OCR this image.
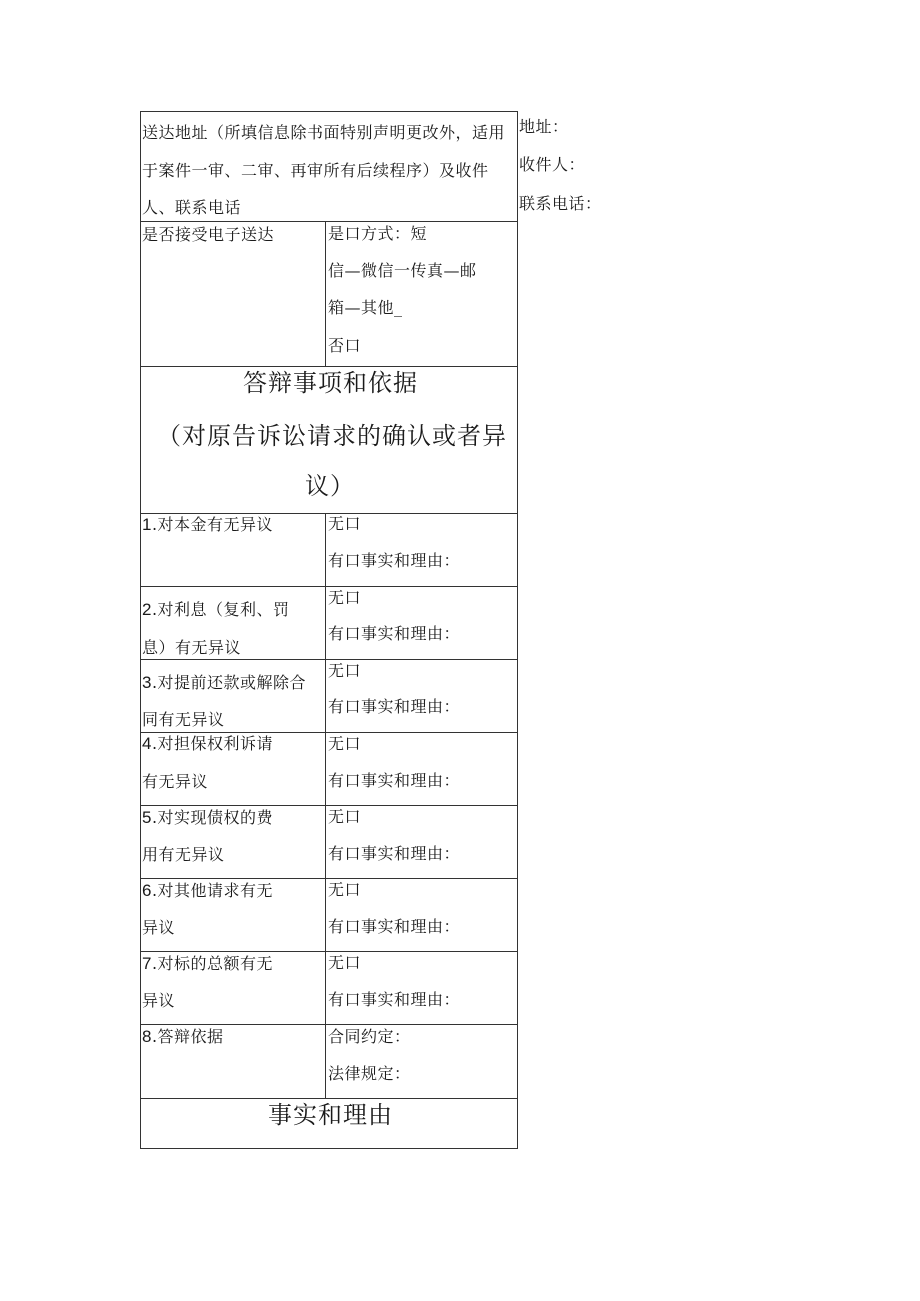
送达地址（所填信息除书面特别声明更改外，适用
于案件一审、二审、再审所有后续程序）及收件
人、联系电话
地址：
收件人：
联系电话：
是否接受电子送达	是口方式：短
信—微信一传真—邮
箱—其他_
否口
答辩事项和依据
（对原告诉讼请求的确认或者异
议）
1.对本金有无异议	无口
有口事实和理由：
2.对利息（复利、罚
息）有无异议
无口
有口事实和理由：
3.对提前还款或解除合
同有无异议
无口
有口事实和理由：
4.对担保权利诉请
有无异议
无口
有口事实和理由：
5.对实现债权的费
用有无异议
无口
有口事实和理由：
6.对其他请求有无
异议
无口
有口事实和理由：
7.对标的总额有无
异议
无口
有口事实和理由：
8.答辩依据	合同约定：
法律规定：
事实和理由
